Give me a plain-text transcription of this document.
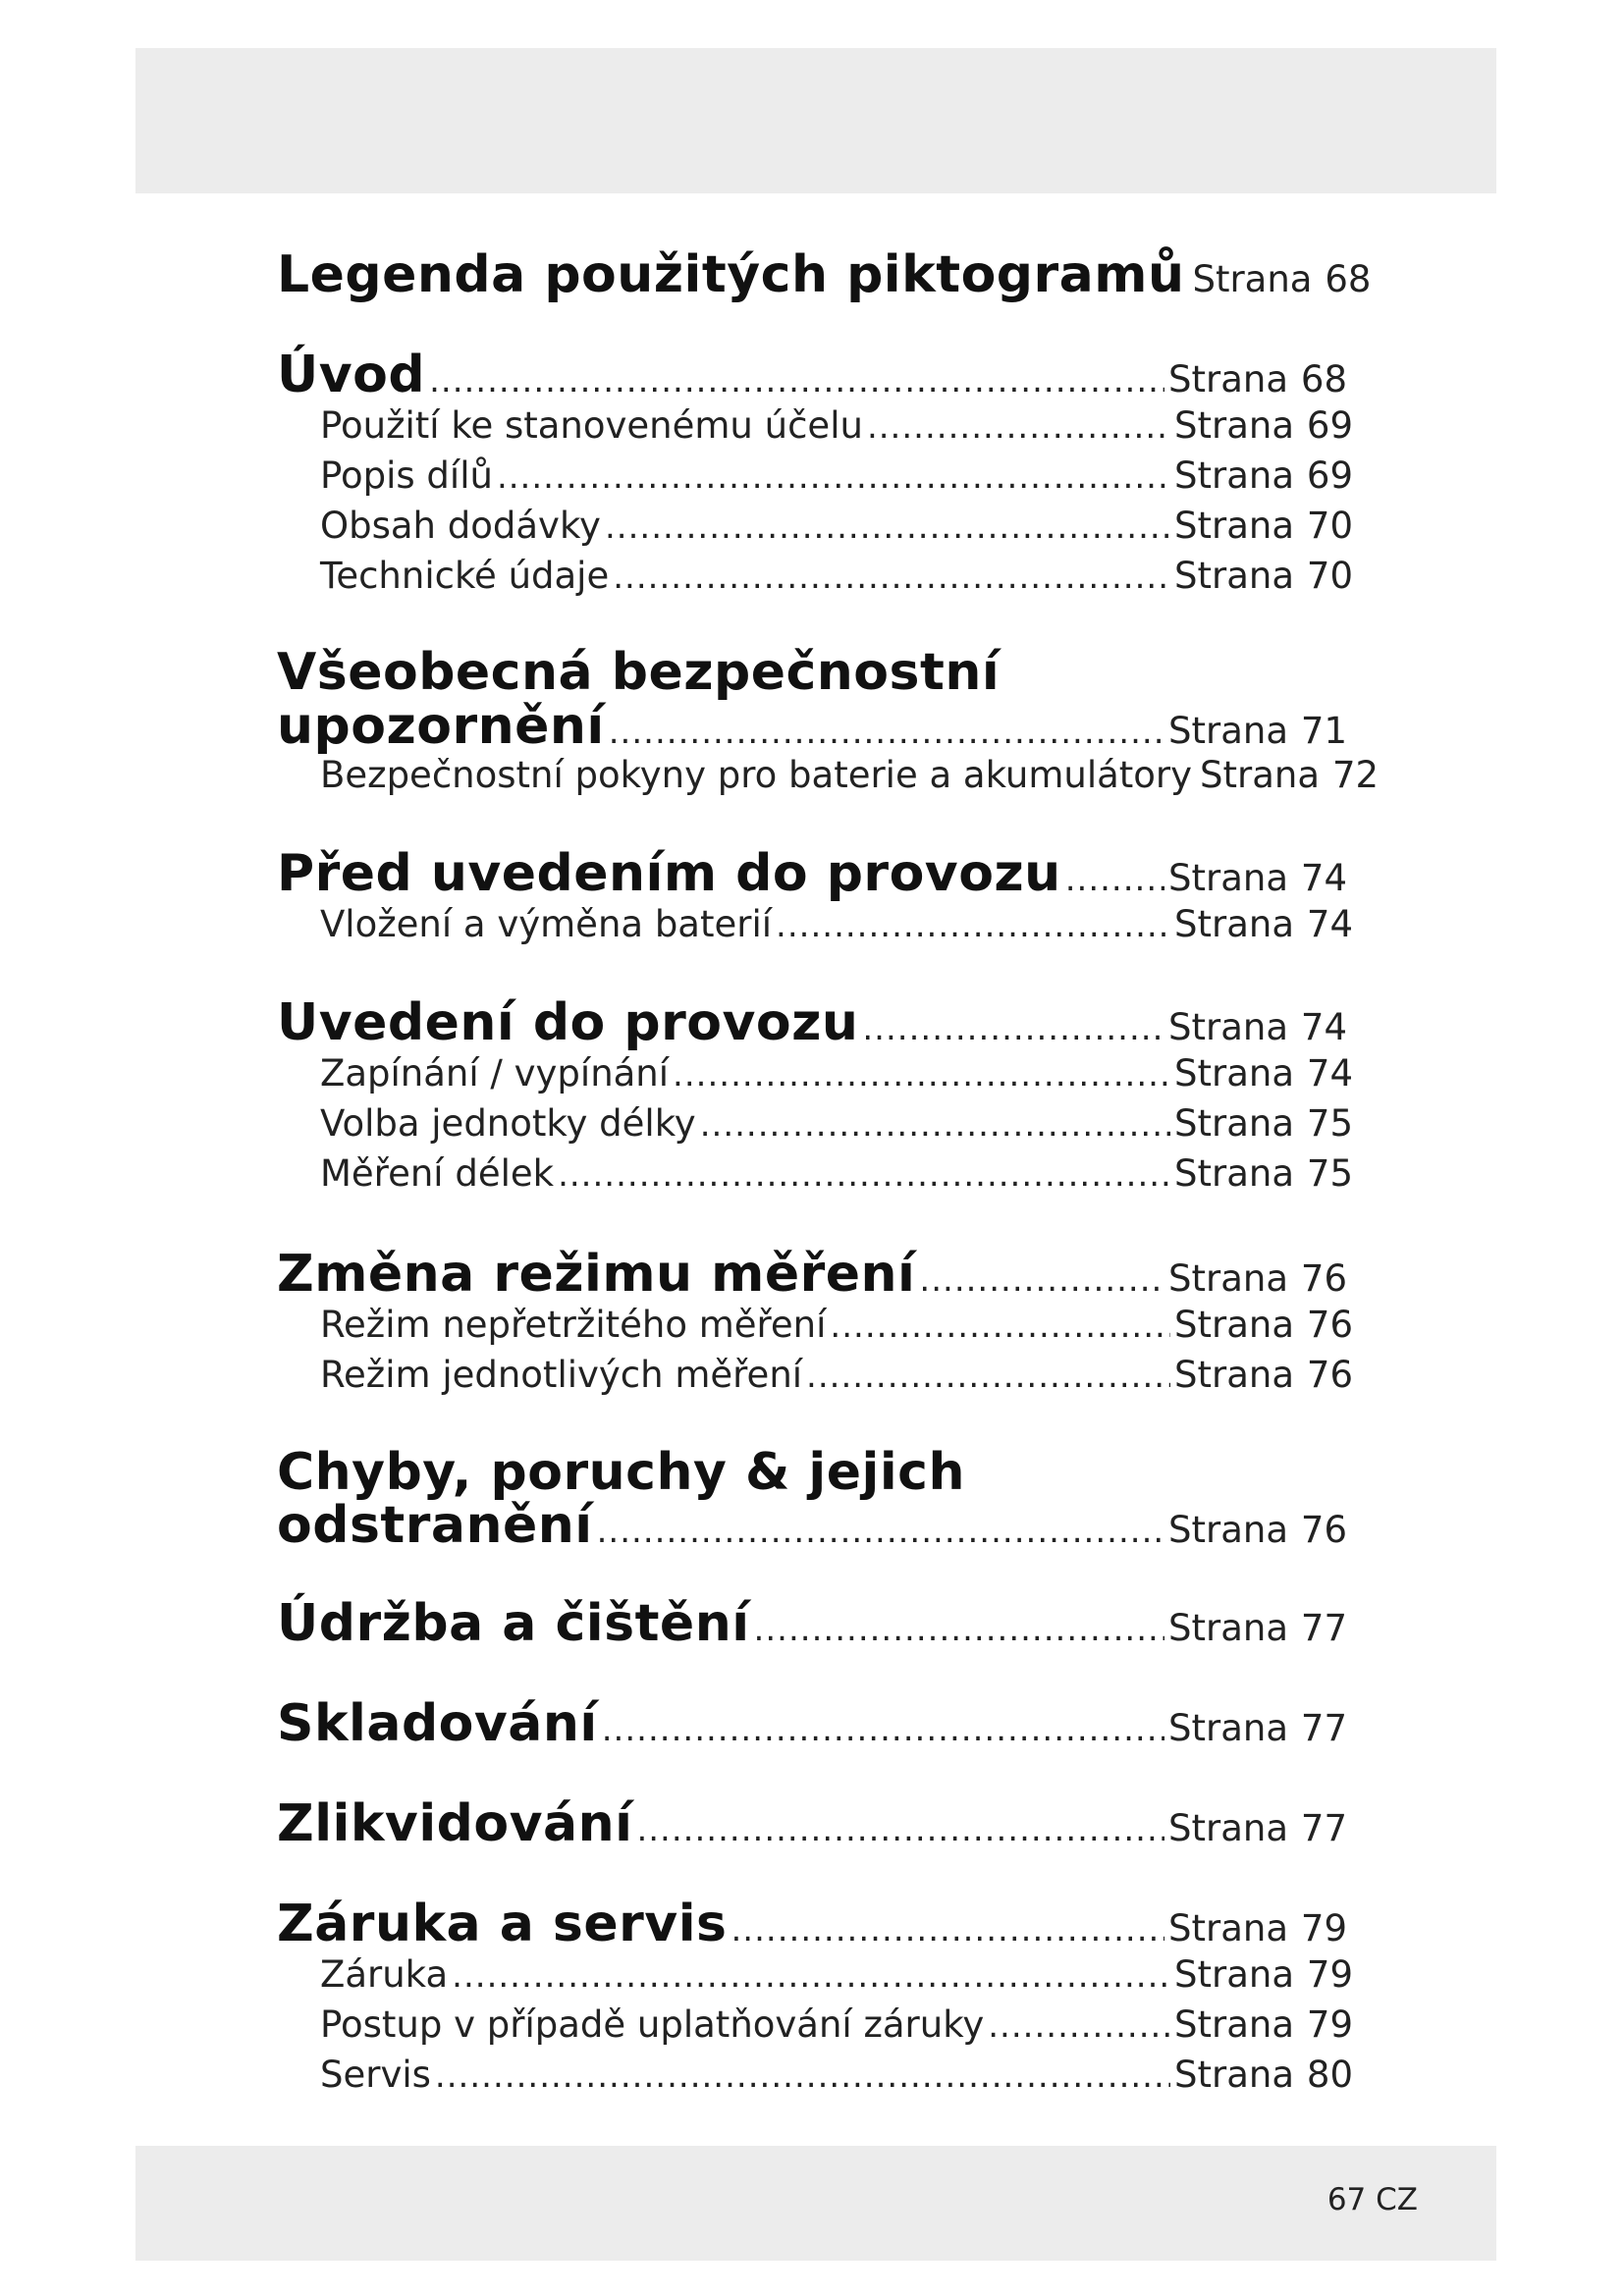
Legenda použitých piktogramů Strana 68
Úvod .....	Strana 68
Použití ke stanovenému účelu .....	Strana 69
Popis dílů .....	Strana 69
Obsah dodávky .....	Strana 70
Technické údaje .....	Strana 70
Všeobecná bezpečnostní
upozornění .....	Strana 71
Bezpečnostní pokyny pro baterie a akumulátory Strana 72
Před uvedením do provozu .....	Strana 74
Vložení a výměna baterií .....	Strana 74
Uvedení do provozu .....	Strana 74
Zapínání / vypínání .....	Strana 74
Volba jednotky délky .....	Strana 75
Měření délek .....	Strana 75
Změna režimu měření .....	Strana 76
Režim nepřetržitého měření .....	Strana 76
Režim jednotlivých měření .....	Strana 76
Chyby, poruchy & jejich
odstranění .....	Strana 76
Údržba a čištění .....	Strana 77
Skladování .....	Strana 77
Zlikvidování .....	Strana 77
Záruka a servis .....	Strana 79
Záruka .....	Strana 79
Postup v případě uplatňování záruky .....	Strana 79
Servis .....	Strana 80
67 CZ
